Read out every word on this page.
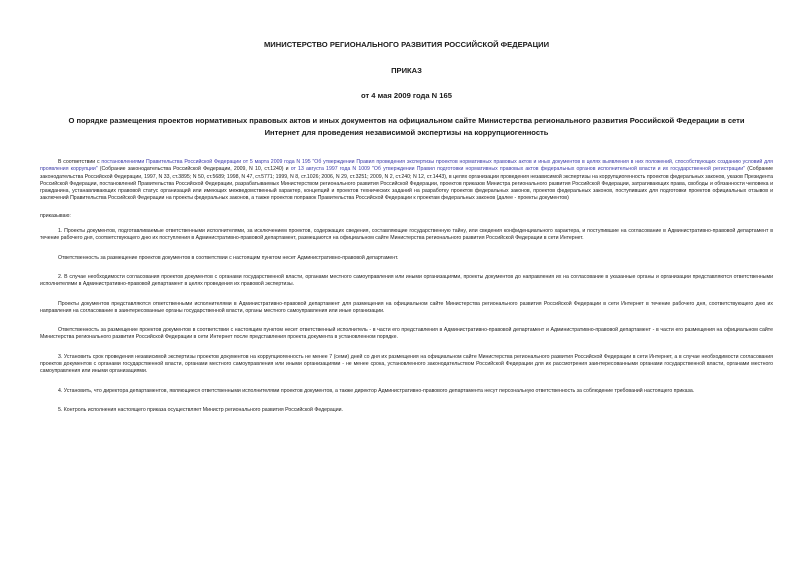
МИНИСТЕРСТВО РЕГИОНАЛЬНОГО РАЗВИТИЯ РОССИЙСКОЙ ФЕДЕРАЦИИ

ПРИКАЗ

от 4 мая 2009 года N 165

О порядке размещения проектов нормативных правовых актов и иных документов на официальном сайте Министерства регионального развития Российской Федерации в сети Интернет для проведения независимой экспертизы на коррупциогенность

В соответствии с постановлениями Правительства Российской Федерации от 5 марта 2009 года N 195 "Об утверждении Правил проведения экспертизы проектов нормативных правовых актов и иных документов в целях выявления в них положений, способствующих созданию условий для проявления коррупции" (Собрание законодательства Российской Федерации, 2009, N 10, ст.1240) и от 13 августа 1997 года N 1009 "Об утверждении Правил подготовки нормативных правовых актов федеральных органов исполнительной власти и их государственной регистрации" (Собрание законодательства Российской Федерации, 1997, N 33, ст.3895; N 50, ст.5689; 1998, N 47, ст.5771; 1999, N 8, ст.1026; 2006, N 29, ст.3251; 2009, N 2, ст.240; N 12, ст.1443), в целях организации проведения независимой экспертизы на коррупциогенность проектов федеральных законов, указов Президента Российской Федерации, постановлений Правительства Российской Федерации, разрабатываемых Министерством регионального развития Российской Федерации, проектов приказов Министра регионального развития Российской Федерации, затрагивающих права, свободы и обязанности человека и гражданина, устанавливающих правовой статус организаций или имеющих межведомственный характер, концепций и проектов технических заданий на разработку проектов федеральных законов, проектов федеральных законов, поступивших для подготовки проектов официальных отзывов и заключений Правительства Российской Федерации на проекты федеральных законов, а также проектов поправок Правительства Российской Федерации к проектам федеральных законов (далее - проекты документов)

приказываю:

1. Проекты документов, подготавливаемые ответственными исполнителями, за исключением проектов, содержащих сведения, составляющие государственную тайну, или сведения конфиденциального характера, и поступившие на согласование в Административно-правовой департамент в течение рабочего дня, соответствующего дню их поступления в Административно-правовой департамент, размещаются на официальном сайте Министерства регионального развития Российской Федерации в сети Интернет.

Ответственность за размещение проектов документов в соответствии с настоящим пунктом несет Административно-правовой департамент.

2. В случае необходимости согласования проектов документов с органами государственной власти, органами местного самоуправления или иными организациями, проекты документов до направления их на согласование в указанные органы и организации представляются ответственными исполнителями в Административно-правовой департамент в целях проведения их правовой экспертизы.

Проекты документов представляются ответственными исполнителями в Административно-правовой департамент для размещения на официальном сайте Министерства регионального развития Российской Федерации в сети Интернет в течение рабочего дня, соответствующего дню их направления на согласование в заинтересованные органы государственной власти, органы местного самоуправления или иные организации.

Ответственность за размещение проектов документов в соответствии с настоящим пунктом несет ответственный исполнитель - в части его представления в Административно-правовой департамент и Административно-правовой департамент - в части его размещения на официальном сайте Министерства регионального развития Российской Федерации в сети Интернет после представления проекта документа в установленном порядке.

3. Установить срок проведения независимой экспертизы проектов документов на коррупциогенность не менее 7 (семи) дней со дня их размещения на официальном сайте Министерства регионального развития Российской Федерации в сети Интернет, а в случае необходимости согласования проектов документов с органами государственной власти, органами местного самоуправления или иными организациями - не менее срока, установленного законодательством Российской Федерации для их рассмотрения заинтересованными органами государственной власти, органами местного самоуправления или иными организациями.

4. Установить, что директора департаментов, являющиеся ответственными исполнителями проектов документов, а также директор Административно-правового департамента несут персональную ответственность за соблюдение требований настоящего приказа.

5. Контроль исполнения настоящего приказа осуществляет Министр регионального развития Российской Федерации.
